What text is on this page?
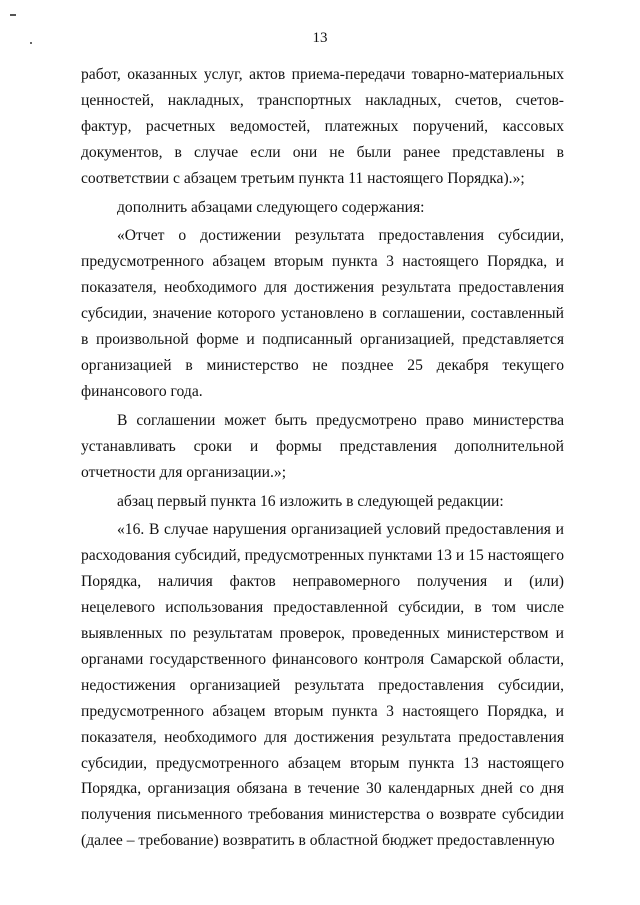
13

работ, оказанных услуг, актов приема-передачи товарно-материальных ценностей, накладных, транспортных накладных, счетов, счетов-фактур, расчетных ведомостей, платежных поручений, кассовых документов, в случае если они не были ранее представлены в соответствии с абзацем третьим пункта 11 настоящего Порядка).»;

дополнить абзацами следующего содержания:

«Отчет о достижении результата предоставления субсидии, предусмотренного абзацем вторым пункта 3 настоящего Порядка, и показателя, необходимого для достижения результата предоставления субсидии, значение которого установлено в соглашении, составленный в произвольной форме и подписанный организацией, представляется организацией в министерство не позднее 25 декабря текущего финансового года.

В соглашении может быть предусмотрено право министерства устанавливать сроки и формы представления дополнительной отчетности для организации.»;

абзац первый пункта 16 изложить в следующей редакции:

«16. В случае нарушения организацией условий предоставления и расходования субсидий, предусмотренных пунктами 13 и 15 настоящего Порядка, наличия фактов неправомерного получения и (или) нецелевого использования предоставленной субсидии, в том числе выявленных по результатам проверок, проведенных министерством и органами государственного финансового контроля Самарской области, недостижения организацией результата предоставления субсидии, предусмотренного абзацем вторым пункта 3 настоящего Порядка, и показателя, необходимого для достижения результата предоставления субсидии, предусмотренного абзацем вторым пункта 13 настоящего Порядка, организация обязана в течение 30 календарных дней со дня получения письменного требования министерства о возврате субсидии (далее – требование) возвратить в областной бюджет предоставленную
